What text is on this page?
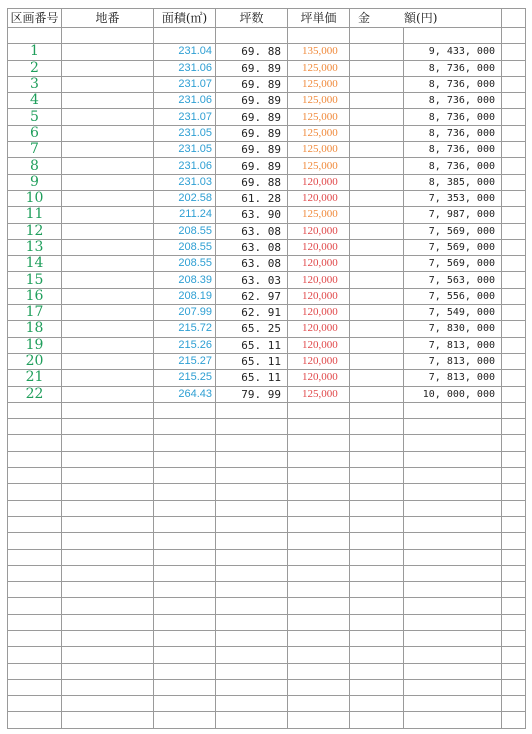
区画番号	地番	面積(㎡)	坪数	坪単価	金 額(円)		

1		231.04	69. 88	135,000		9, 433, 000	
2		231.06	69. 89	125,000		8, 736, 000	
3		231.07	69. 89	125,000		8, 736, 000	
4		231.06	69. 89	125,000		8, 736, 000	
5		231.07	69. 89	125,000		8, 736, 000	
6		231.05	69. 89	125,000		8, 736, 000	
7		231.05	69. 89	125,000		8, 736, 000	
8		231.06	69. 89	125,000		8, 736, 000	
9		231.03	69. 88	120,000		8, 385, 000	
10		202.58	61. 28	120,000		7, 353, 000	
11		211.24	63. 90	125,000		7, 987, 000	
12		208.55	63. 08	120,000		7, 569, 000	
13		208.55	63. 08	120,000		7, 569, 000	
14		208.55	63. 08	120,000		7, 569, 000	
15		208.39	63. 03	120,000		7, 563, 000	
16		208.19	62. 97	120,000		7, 556, 000	
17		207.99	62. 91	120,000		7, 549, 000	
18		215.72	65. 25	120,000		7, 830, 000	
19		215.26	65. 11	120,000		7, 813, 000	
20		215.27	65. 11	120,000		7, 813, 000	
21		215.25	65. 11	120,000		7, 813, 000	
22		264.43	79. 99	125,000		10, 000, 000	
